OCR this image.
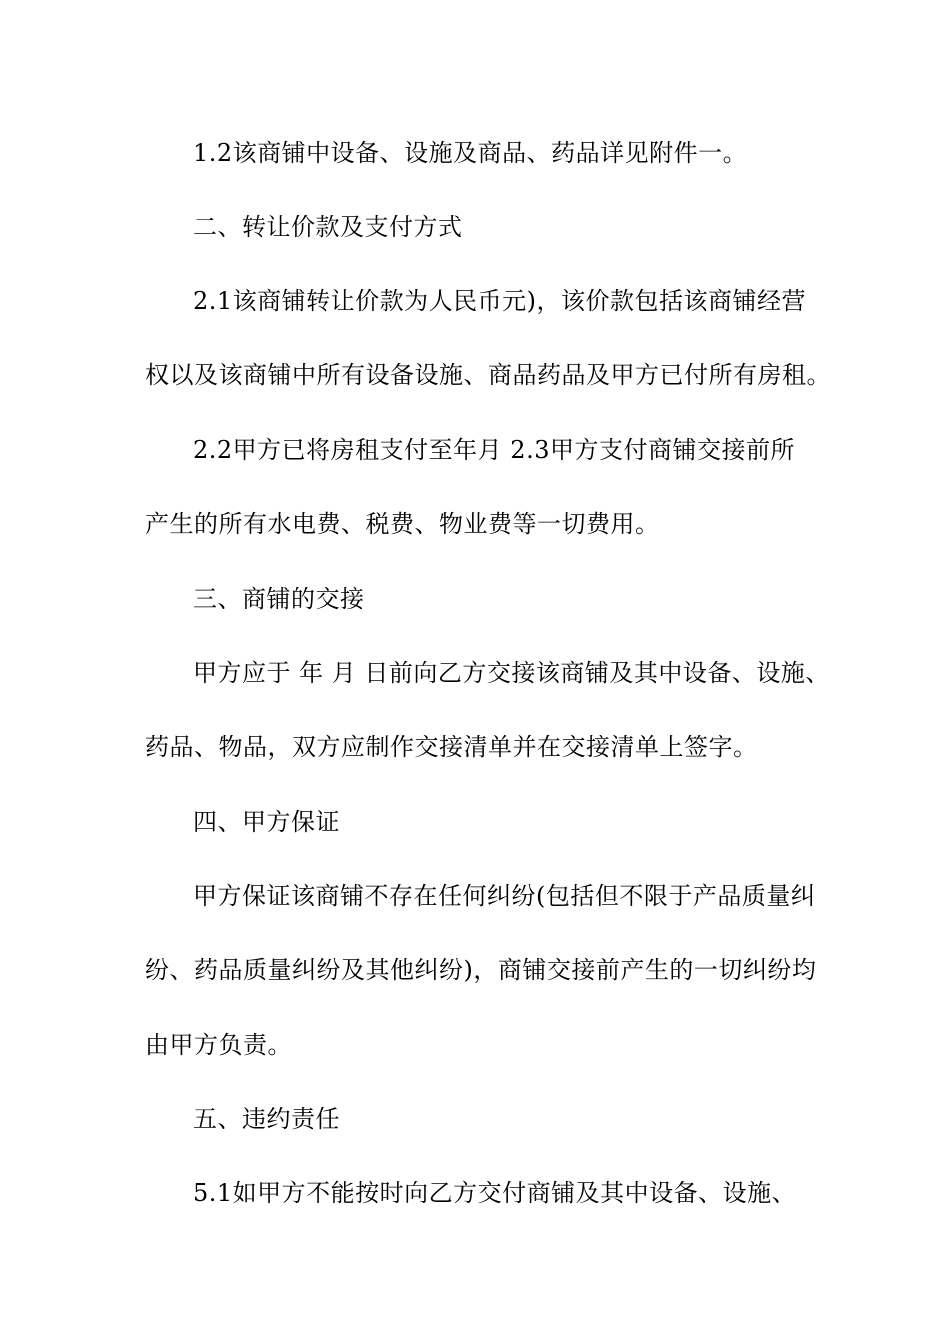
1.2该商铺中设备、设施及商品、药品详见附件一。
二、转让价款及支付方式
2.1该商铺转让价款为人民币元)，该价款包括该商铺经营
权以及该商铺中所有设备设施、商品药品及甲方已付所有房租。
2.2甲方已将房租支付至年月 2.3甲方支付商铺交接前所
产生的所有水电费、税费、物业费等一切费用。
三、商铺的交接
甲方应于 年 月 日前向乙方交接该商铺及其中设备、设施、
药品、物品，双方应制作交接清单并在交接清单上签字。
四、甲方保证
甲方保证该商铺不存在任何纠纷(包括但不限于产品质量纠
纷、药品质量纠纷及其他纠纷)，商铺交接前产生的一切纠纷均
由甲方负责。
五、违约责任
5.1如甲方不能按时向乙方交付商铺及其中设备、设施、
